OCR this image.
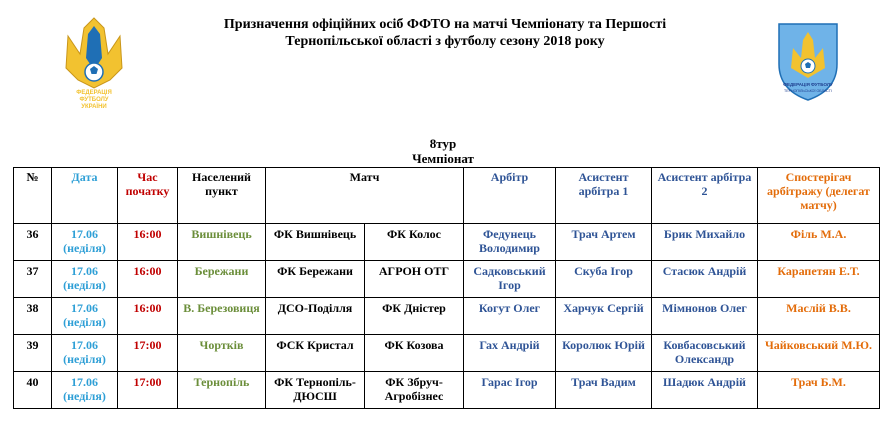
ФЕДЕРАЦІЯ
ФУТБОЛУ
УКРАЇНИ
ФЕДЕРАЦІЯ ФУТБОЛУ
ТЕРНОПІЛЬСЬКОЇ ОБЛАСТІ
Призначення офіційних осіб ФФТО на матчі Чемпіонату та Першості
Тернопільської області з футболу сезону 2018 року
8тур
Чемпіонат
№	Дата	Час початку	Населений пункт	Матч		Арбітр	Асистент арбітра 1	Асистент арбітра 2	Спостерігач арбітражу (делегат матчу)
36	17.06 (неділя)	16:00	Вишнівець	ФК Вишнівець	ФК Колос	Федунець Володимир	Трач Артем	Брик Михайло	Філь М.А.
37	17.06 (неділя)	16:00	Бережани	ФК Бережани	АГРОН ОТГ	Садковський Ігор	Скуба Ігор	Стасюк Андрій	Карапетян Е.Т.
38	17.06 (неділя)	16:00	В. Березовиця	ДСО-Поділля	ФК Дністер	Когут Олег	Харчук Сергій	Мімнонов Олег	Маслій В.В.
39	17.06 (неділя)	17:00	Чортків	ФСК Кристал	ФК Козова	Гах Андрій	Королюк Юрій	Ковбасовський Олександр	Чайковський М.Ю.
40	17.06 (неділя)	17:00	Тернопіль	ФК Тернопіль-ДЮСШ	ФК Збруч-Агробізнес	Гарас Ігор	Трач Вадим	Шадюк Андрій	Трач Б.М.
